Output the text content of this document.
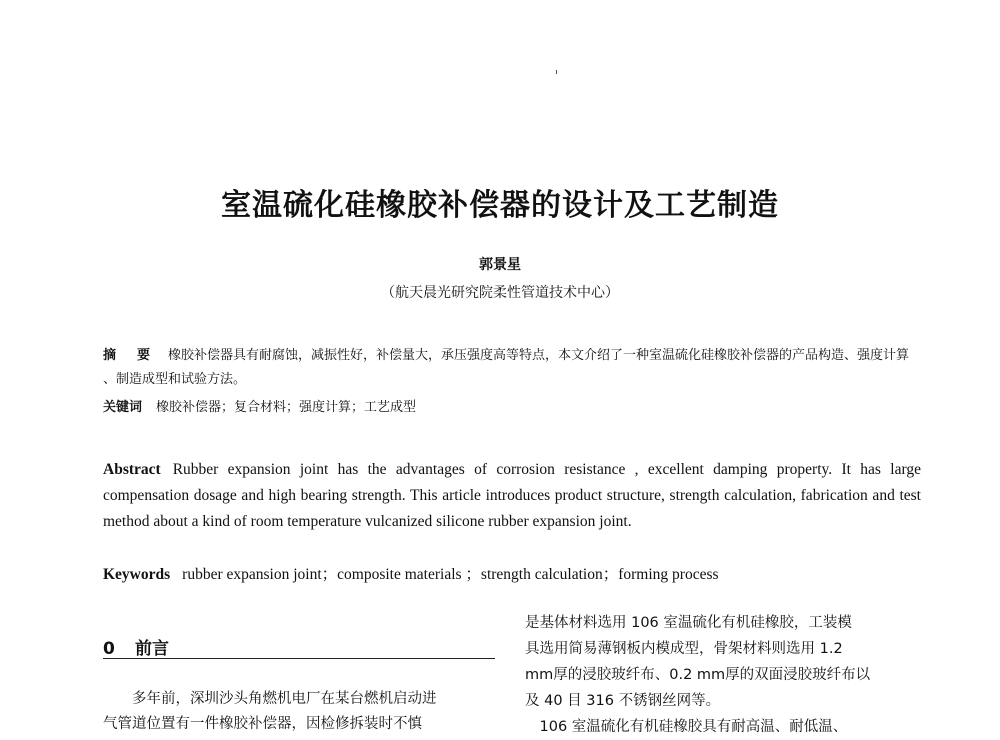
室温硫化硅橡胶补偿器的设计及工艺制造
郭景星
（航天晨光研究院柔性管道技术中心）
摘　要 橡胶补偿器具有耐腐蚀，减振性好，补偿量大，承压强度高等特点，本文介绍了一种室温硫化硅橡胶补偿器的产品构造、强度计算 、制造成型和试验方法。
关键词 橡胶补偿器；复合材料；强度计算；工艺成型
Abstract Rubber expansion joint has the advantages of corrosion resistance , excellent damping property. It has large compensation dosage and high bearing strength. This article introduces product structure, strength calculation, fabrication and test method about a kind of room temperature vulcanized silicone rubber expansion joint.
Keywords rubber expansion joint；composite materials ；strength calculation；forming process
0 前言
多年前，深圳沙头角燃机电厂在某台燃机启动进
气管道位置有一件橡胶补偿器，因检修拆装时不慎
是基体材料选用 106 室温硫化有机硅橡胶，工装模
具选用简易薄钢板内模成型，骨架材料则选用 1.2
mm厚的浸胶玻纤布、0.2 mm厚的双面浸胶玻纤布以
及 40 目 316 不锈钢丝网等。
　106 室温硫化有机硅橡胶具有耐高温、耐低温、
